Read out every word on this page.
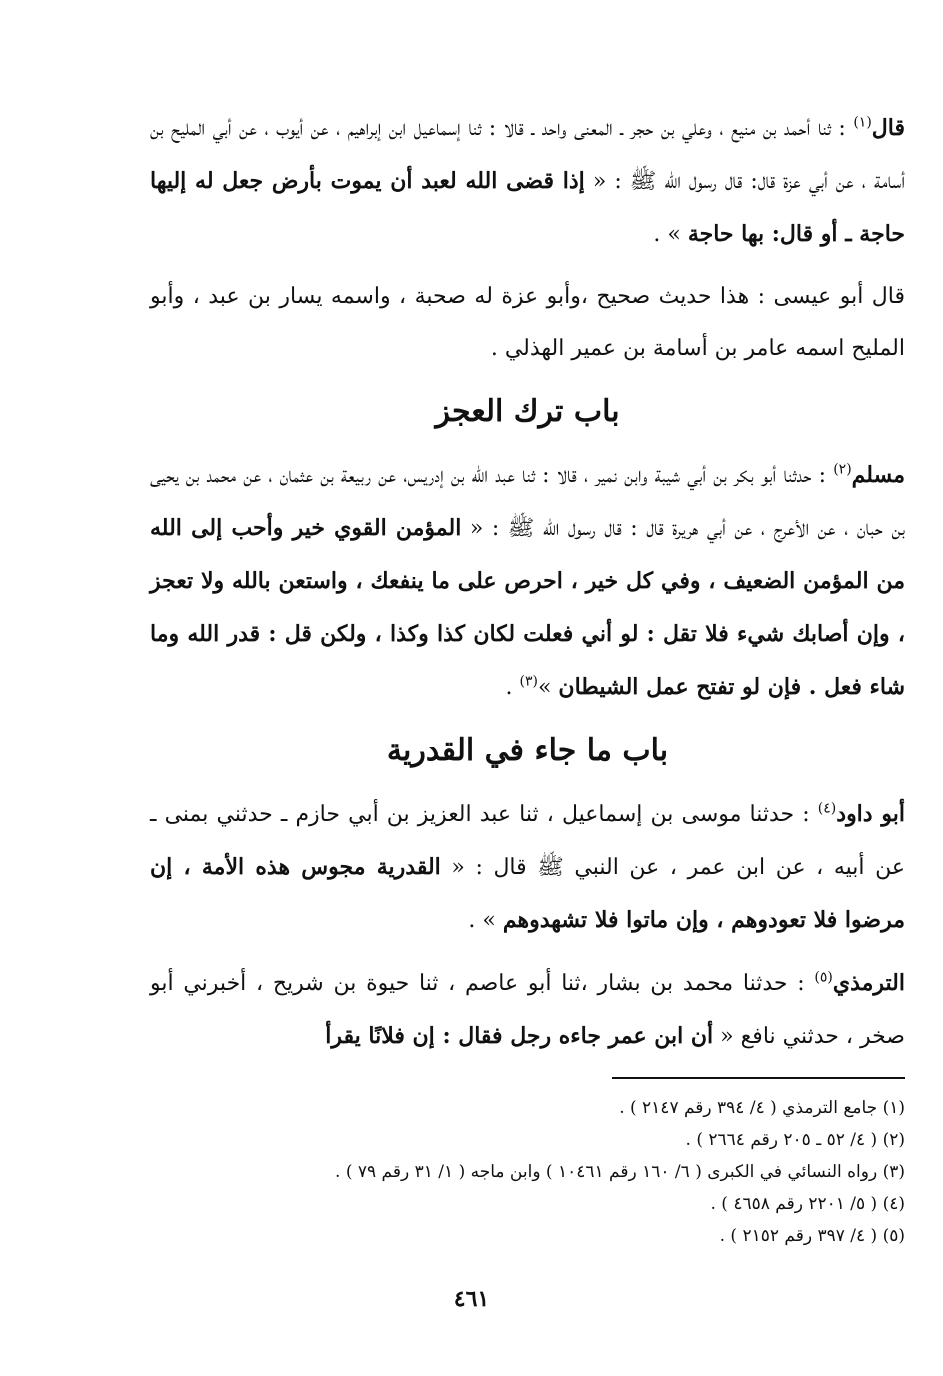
قال$^{(١)}$ : ثنا أحمد بن منيع ، وعلي بن حجر ـ المعنى واحد ـ قالا : ثنا إسماعيل ابن إبراهيم ، عن أيوب ، عن أبي المليح بن أسامة ، عن أبي عزة قال: قال رسول الله ﷺ : « إذا قضى الله لعبد أن يموت بأرض جعل له إليها حاجة ـ أو قال: بها حاجة » .

قال أبو عيسى : هذا حديث صحيح ،وأبو عزة له صحبة ، واسمه يسار بن عبد ، وأبو المليح اسمه عامر بن أسامة بن عمير الهذلي .

باب ترك العجز

مسلم$^{(٢)}$ : حدثنا أبو بكر بن أبي شيبة وابن نمير ، قالا : ثنا عبد الله بن إدريس، عن ربيعة بن عثمان ، عن محمد بن يحيى بن حبان ، عن الأعرج ، عن أبي هريرة قال : قال رسول الله ﷺ : « المؤمن القوي خير وأحب إلى الله من المؤمن الضعيف ، وفي كل خير ، احرص على ما ينفعك ، واستعن بالله ولا تعجز ، وإن أصابك شيء فلا تقل : لو أني فعلت لكان كذا وكذا ، ولكن قل : قدر الله وما شاء فعل . فإن لو تفتح عمل الشيطان »$^{(٣)}$ .

باب ما جاء في القدرية

أبو داود$^{(٤)}$ : حدثنا موسى بن إسماعيل ، ثنا عبد العزيز بن أبي حازم ـ حدثني بمنى ـ عن أبيه ، عن ابن عمر ، عن النبي ﷺ قال : « القدرية مجوس هذه الأمة ، إن مرضوا فلا تعودوهم ، وإن ماتوا فلا تشهدوهم » .

الترمذي$^{(٥)}$ : حدثنا محمد بن بشار ،ثنا أبو عاصم ، ثنا حيوة بن شريح ، أخبرني أبو صخر ، حدثني نافع « أن ابن عمر جاءه رجل فقال : إن فلانًا يقرأ

(١) جامع الترمذي ( ٤/ ٣٩٤ رقم ٢١٤٧ ) .

(٢) ( ٤/ ٥٢ ـ ٢٠٥ رقم ٢٦٦٤ ) .

(٣) رواه النسائي في الكبرى ( ٦/ ١٦٠ رقم ١٠٤٦١ ) وابن ماجه ( ١/ ٣١ رقم ٧٩ ) .

(٤) ( ٥/ ٢٢٠١ رقم ٤٦٥٨ ) .

(٥) ( ٤/ ٣٩٧ رقم ٢١٥٢ ) .

٤٦١
